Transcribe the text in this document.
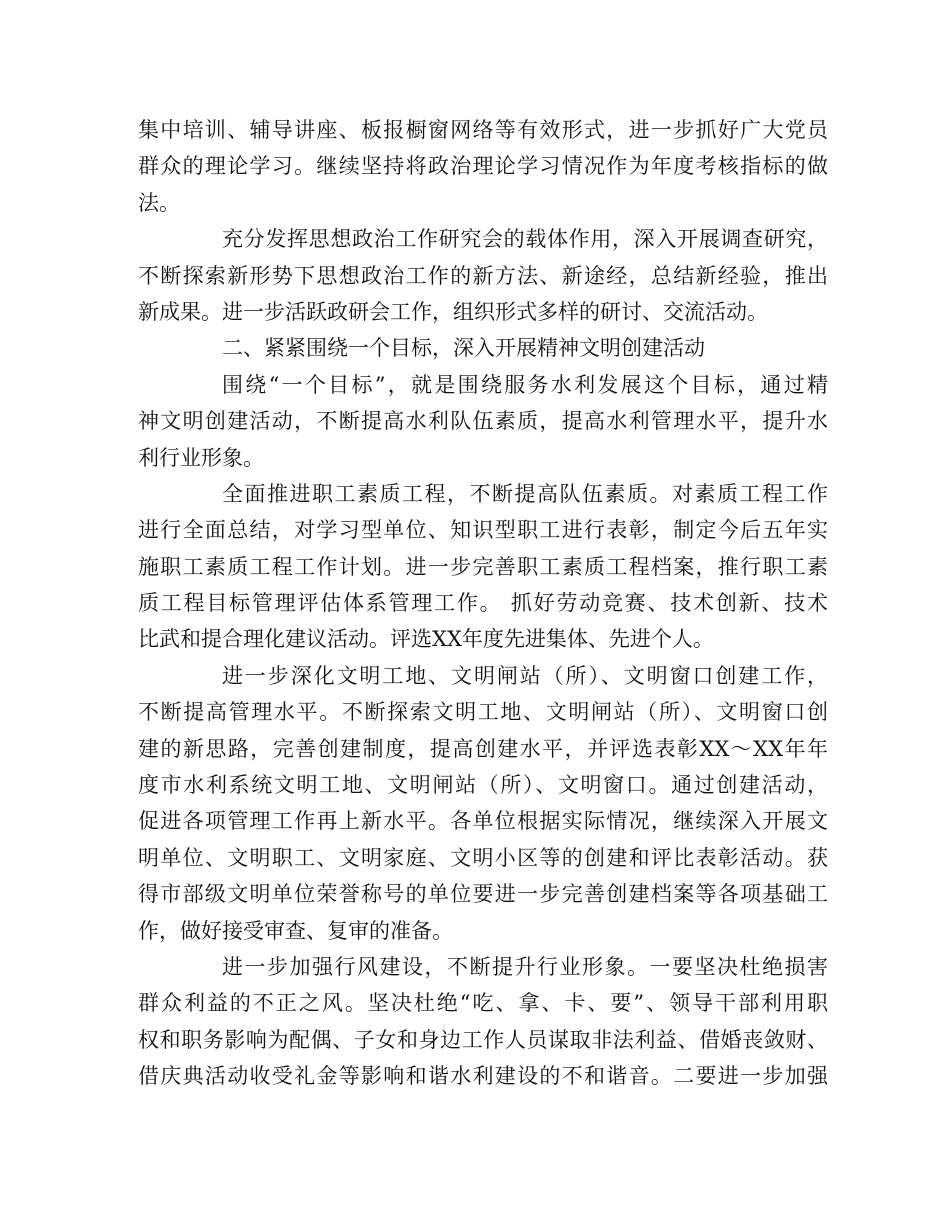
集中培训、辅导讲座、板报橱窗网络等有效形式，进一步抓好广大党员
群众的理论学习。继续坚持将政治理论学习情况作为年度考核指标的做
法。
充分发挥思想政治工作研究会的载体作用，深入开展调查研究，
不断探索新形势下思想政治工作的新方法、新途经，总结新经验，推出
新成果。进一步活跃政研会工作，组织形式多样的研讨、交流活动。
二、紧紧围绕一个目标，深入开展精神文明创建活动
围绕“一个目标”，就是围绕服务水利发展这个目标，通过精
神文明创建活动，不断提高水利队伍素质，提高水利管理水平，提升水
利行业形象。
全面推进职工素质工程，不断提高队伍素质。对素质工程工作
进行全面总结，对学习型单位、知识型职工进行表彰，制定今后五年实
施职工素质工程工作计划。进一步完善职工素质工程档案，推行职工素
质工程目标管理评估体系管理工作。 抓好劳动竞赛、技术创新、技术
比武和提合理化建议活动。评选XX年度先进集体、先进个人。
进一步深化文明工地、文明闸站（所）、文明窗口创建工作，
不断提高管理水平。不断探索文明工地、文明闸站（所）、文明窗口创
建的新思路，完善创建制度，提高创建水平，并评选表彰XX～XX年年
度市水利系统文明工地、文明闸站（所）、文明窗口。通过创建活动，
促进各项管理工作再上新水平。各单位根据实际情况，继续深入开展文
明单位、文明职工、文明家庭、文明小区等的创建和评比表彰活动。获
得市部级文明单位荣誉称号的单位要进一步完善创建档案等各项基础工
作，做好接受审查、复审的准备。
进一步加强行风建设，不断提升行业形象。一要坚决杜绝损害
群众利益的不正之风。坚决杜绝“吃、拿、卡、要”、领导干部利用职
权和职务影响为配偶、子女和身边工作人员谋取非法利益、借婚丧敛财、
借庆典活动收受礼金等影响和谐水利建设的不和谐音。二要进一步加强
